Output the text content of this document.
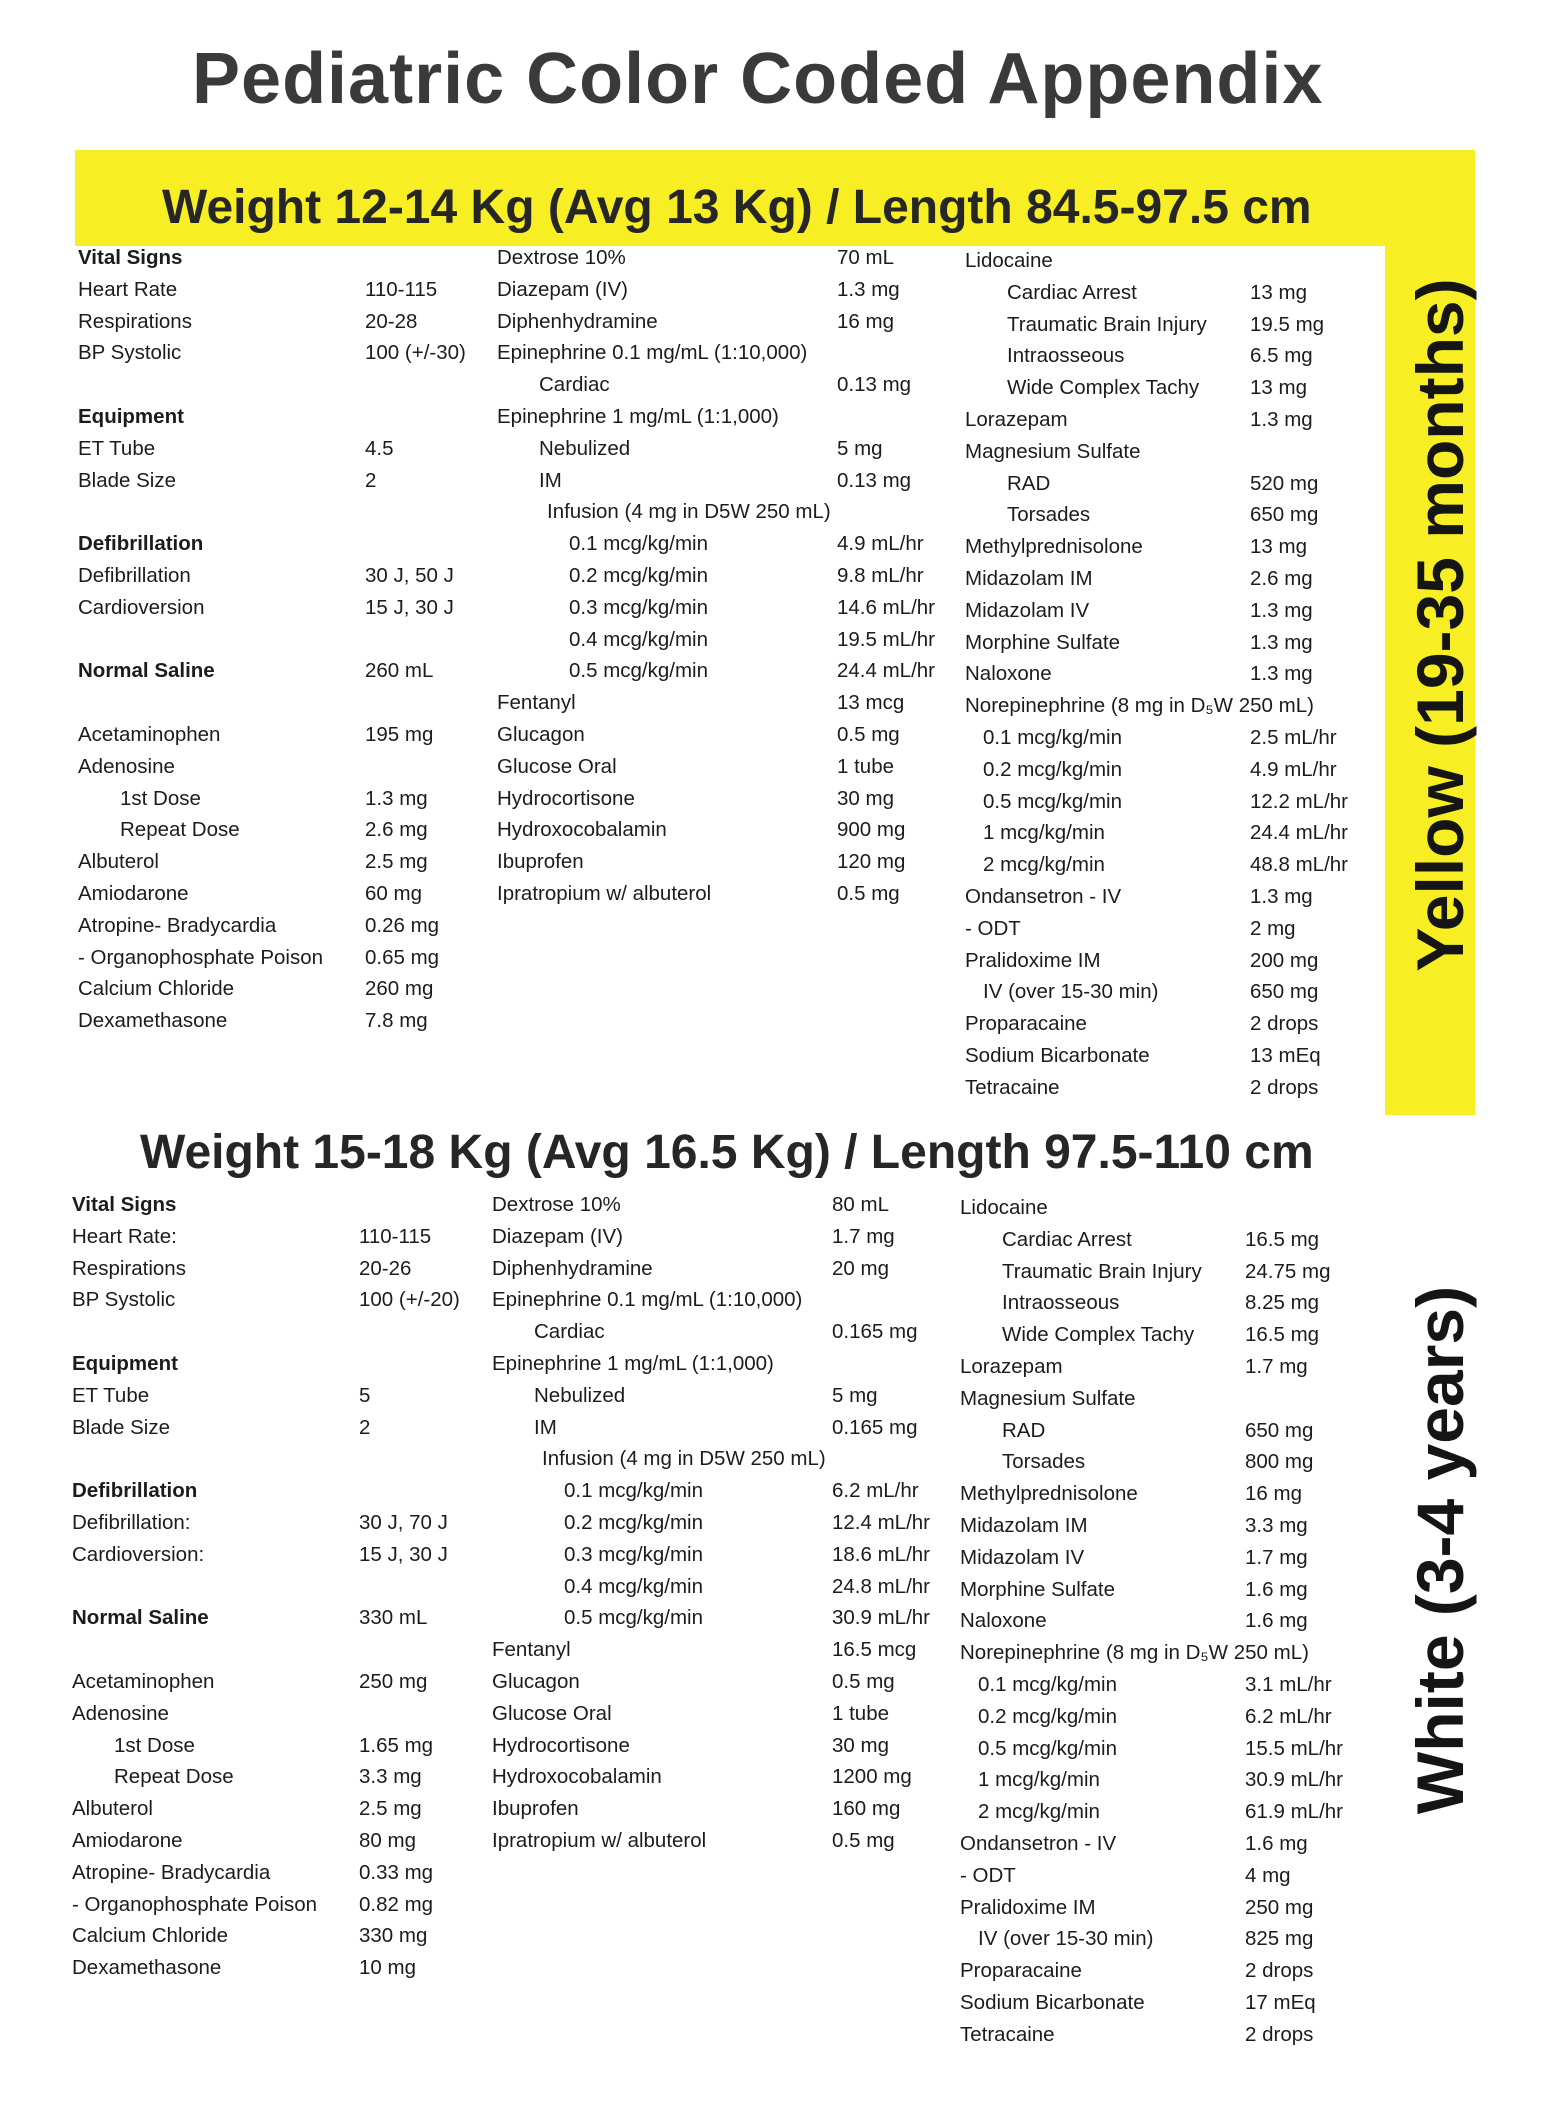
Pediatric Color Coded Appendix
Weight 12-14 Kg (Avg 13 Kg) / Length 84.5-97.5 cm
Yellow (19-35 months)
Weight 15-18 Kg (Avg 16.5 Kg) / Length 97.5-110 cm
White (3-4 years)
Vital Signs
Heart Rate	110-115
Respirations	20-28
BP Systolic	100 (+/-30)
Equipment
ET Tube	4.5
Blade Size	2
Defibrillation
Defibrillation	30 J, 50 J
Cardioversion	15 J, 30 J
Normal Saline	260 mL
Acetaminophen	195 mg
Adenosine
1st Dose	1.3 mg
Repeat Dose	2.6 mg
Albuterol	2.5 mg
Amiodarone	60 mg
Atropine- Bradycardia	0.26 mg
- Organophosphate Poison 0.65 mg
Calcium Chloride	260 mg
Dexamethasone	7.8 mg
Dextrose 10%	70 mL
Diazepam (IV)	1.3 mg
Diphenhydramine	16 mg
Epinephrine 0.1 mg/mL (1:10,000)
Cardiac	0.13 mg
Epinephrine 1 mg/mL (1:1,000)
Nebulized	5 mg
IM	0.13 mg
Infusion (4 mg in D5W 250 mL)
0.1 mcg/kg/min	4.9 mL/hr
0.2 mcg/kg/min	9.8 mL/hr
0.3 mcg/kg/min	14.6 mL/hr
0.4 mcg/kg/min	19.5 mL/hr
0.5 mcg/kg/min	24.4 mL/hr
Fentanyl	13 mcg
Glucagon	0.5 mg
Glucose Oral	1 tube
Hydrocortisone	30 mg
Hydroxocobalamin	900 mg
Ibuprofen	120 mg
Ipratropium w/ albuterol	0.5 mg
Lidocaine
Cardiac Arrest	13 mg
Traumatic Brain Injury 19.5 mg
Intraosseous	6.5 mg
Wide Complex Tachy 13 mg
Lorazepam	1.3 mg
Magnesium Sulfate
RAD	520 mg
Torsades	650 mg
Methylprednisolone	13 mg
Midazolam IM	2.6 mg
Midazolam IV	1.3 mg
Morphine Sulfate	1.3 mg
Naloxone	1.3 mg
Norepinephrine (8 mg in D₅W 250 mL)
0.1 mcg/kg/min	2.5 mL/hr
0.2 mcg/kg/min	4.9 mL/hr
0.5 mcg/kg/min	12.2 mL/hr
1 mcg/kg/min	24.4 mL/hr
2 mcg/kg/min	48.8 mL/hr
Ondansetron - IV	1.3 mg
- ODT	2 mg
Pralidoxime IM	200 mg
IV (over 15-30 min)	650 mg
Proparacaine	2 drops
Sodium Bicarbonate	13 mEq
Tetracaine	2 drops
Vital Signs
Heart Rate:	110-115
Respirations	20-26
BP Systolic	100 (+/-20)
Equipment
ET Tube	5
Blade Size	2
Defibrillation
Defibrillation:	30 J, 70 J
Cardioversion:	15 J, 30 J
Normal Saline	330 mL
Acetaminophen	250 mg
Adenosine
1st Dose	1.65 mg
Repeat Dose	3.3 mg
Albuterol	2.5 mg
Amiodarone	80 mg
Atropine- Bradycardia	0.33 mg
- Organophosphate Poison 0.82 mg
Calcium Chloride	330 mg
Dexamethasone	10 mg
Dextrose 10%	80 mL
Diazepam (IV)	1.7 mg
Diphenhydramine	20 mg
Epinephrine 0.1 mg/mL (1:10,000)
Cardiac	0.165 mg
Epinephrine 1 mg/mL (1:1,000)
Nebulized	5 mg
IM	0.165 mg
Infusion (4 mg in D5W 250 mL)
0.1 mcg/kg/min	6.2 mL/hr
0.2 mcg/kg/min	12.4 mL/hr
0.3 mcg/kg/min	18.6 mL/hr
0.4 mcg/kg/min	24.8 mL/hr
0.5 mcg/kg/min	30.9 mL/hr
Fentanyl	16.5 mcg
Glucagon	0.5 mg
Glucose Oral	1 tube
Hydrocortisone	30 mg
Hydroxocobalamin	1200 mg
Ibuprofen	160 mg
Ipratropium w/ albuterol	0.5 mg
Lidocaine
Cardiac Arrest	16.5 mg
Traumatic Brain Injury 24.75 mg
Intraosseous	8.25 mg
Wide Complex Tachy 16.5 mg
Lorazepam	1.7 mg
Magnesium Sulfate
RAD	650 mg
Torsades	800 mg
Methylprednisolone	16 mg
Midazolam IM	3.3 mg
Midazolam IV	1.7 mg
Morphine Sulfate	1.6 mg
Naloxone	1.6 mg
Norepinephrine (8 mg in D₅W 250 mL)
0.1 mcg/kg/min	3.1 mL/hr
0.2 mcg/kg/min	6.2 mL/hr
0.5 mcg/kg/min	15.5 mL/hr
1 mcg/kg/min	30.9 mL/hr
2 mcg/kg/min	61.9 mL/hr
Ondansetron - IV	1.6 mg
- ODT	4 mg
Pralidoxime IM	250 mg
IV (over 15-30 min)	825 mg
Proparacaine	2 drops
Sodium Bicarbonate	17 mEq
Tetracaine	2 drops
